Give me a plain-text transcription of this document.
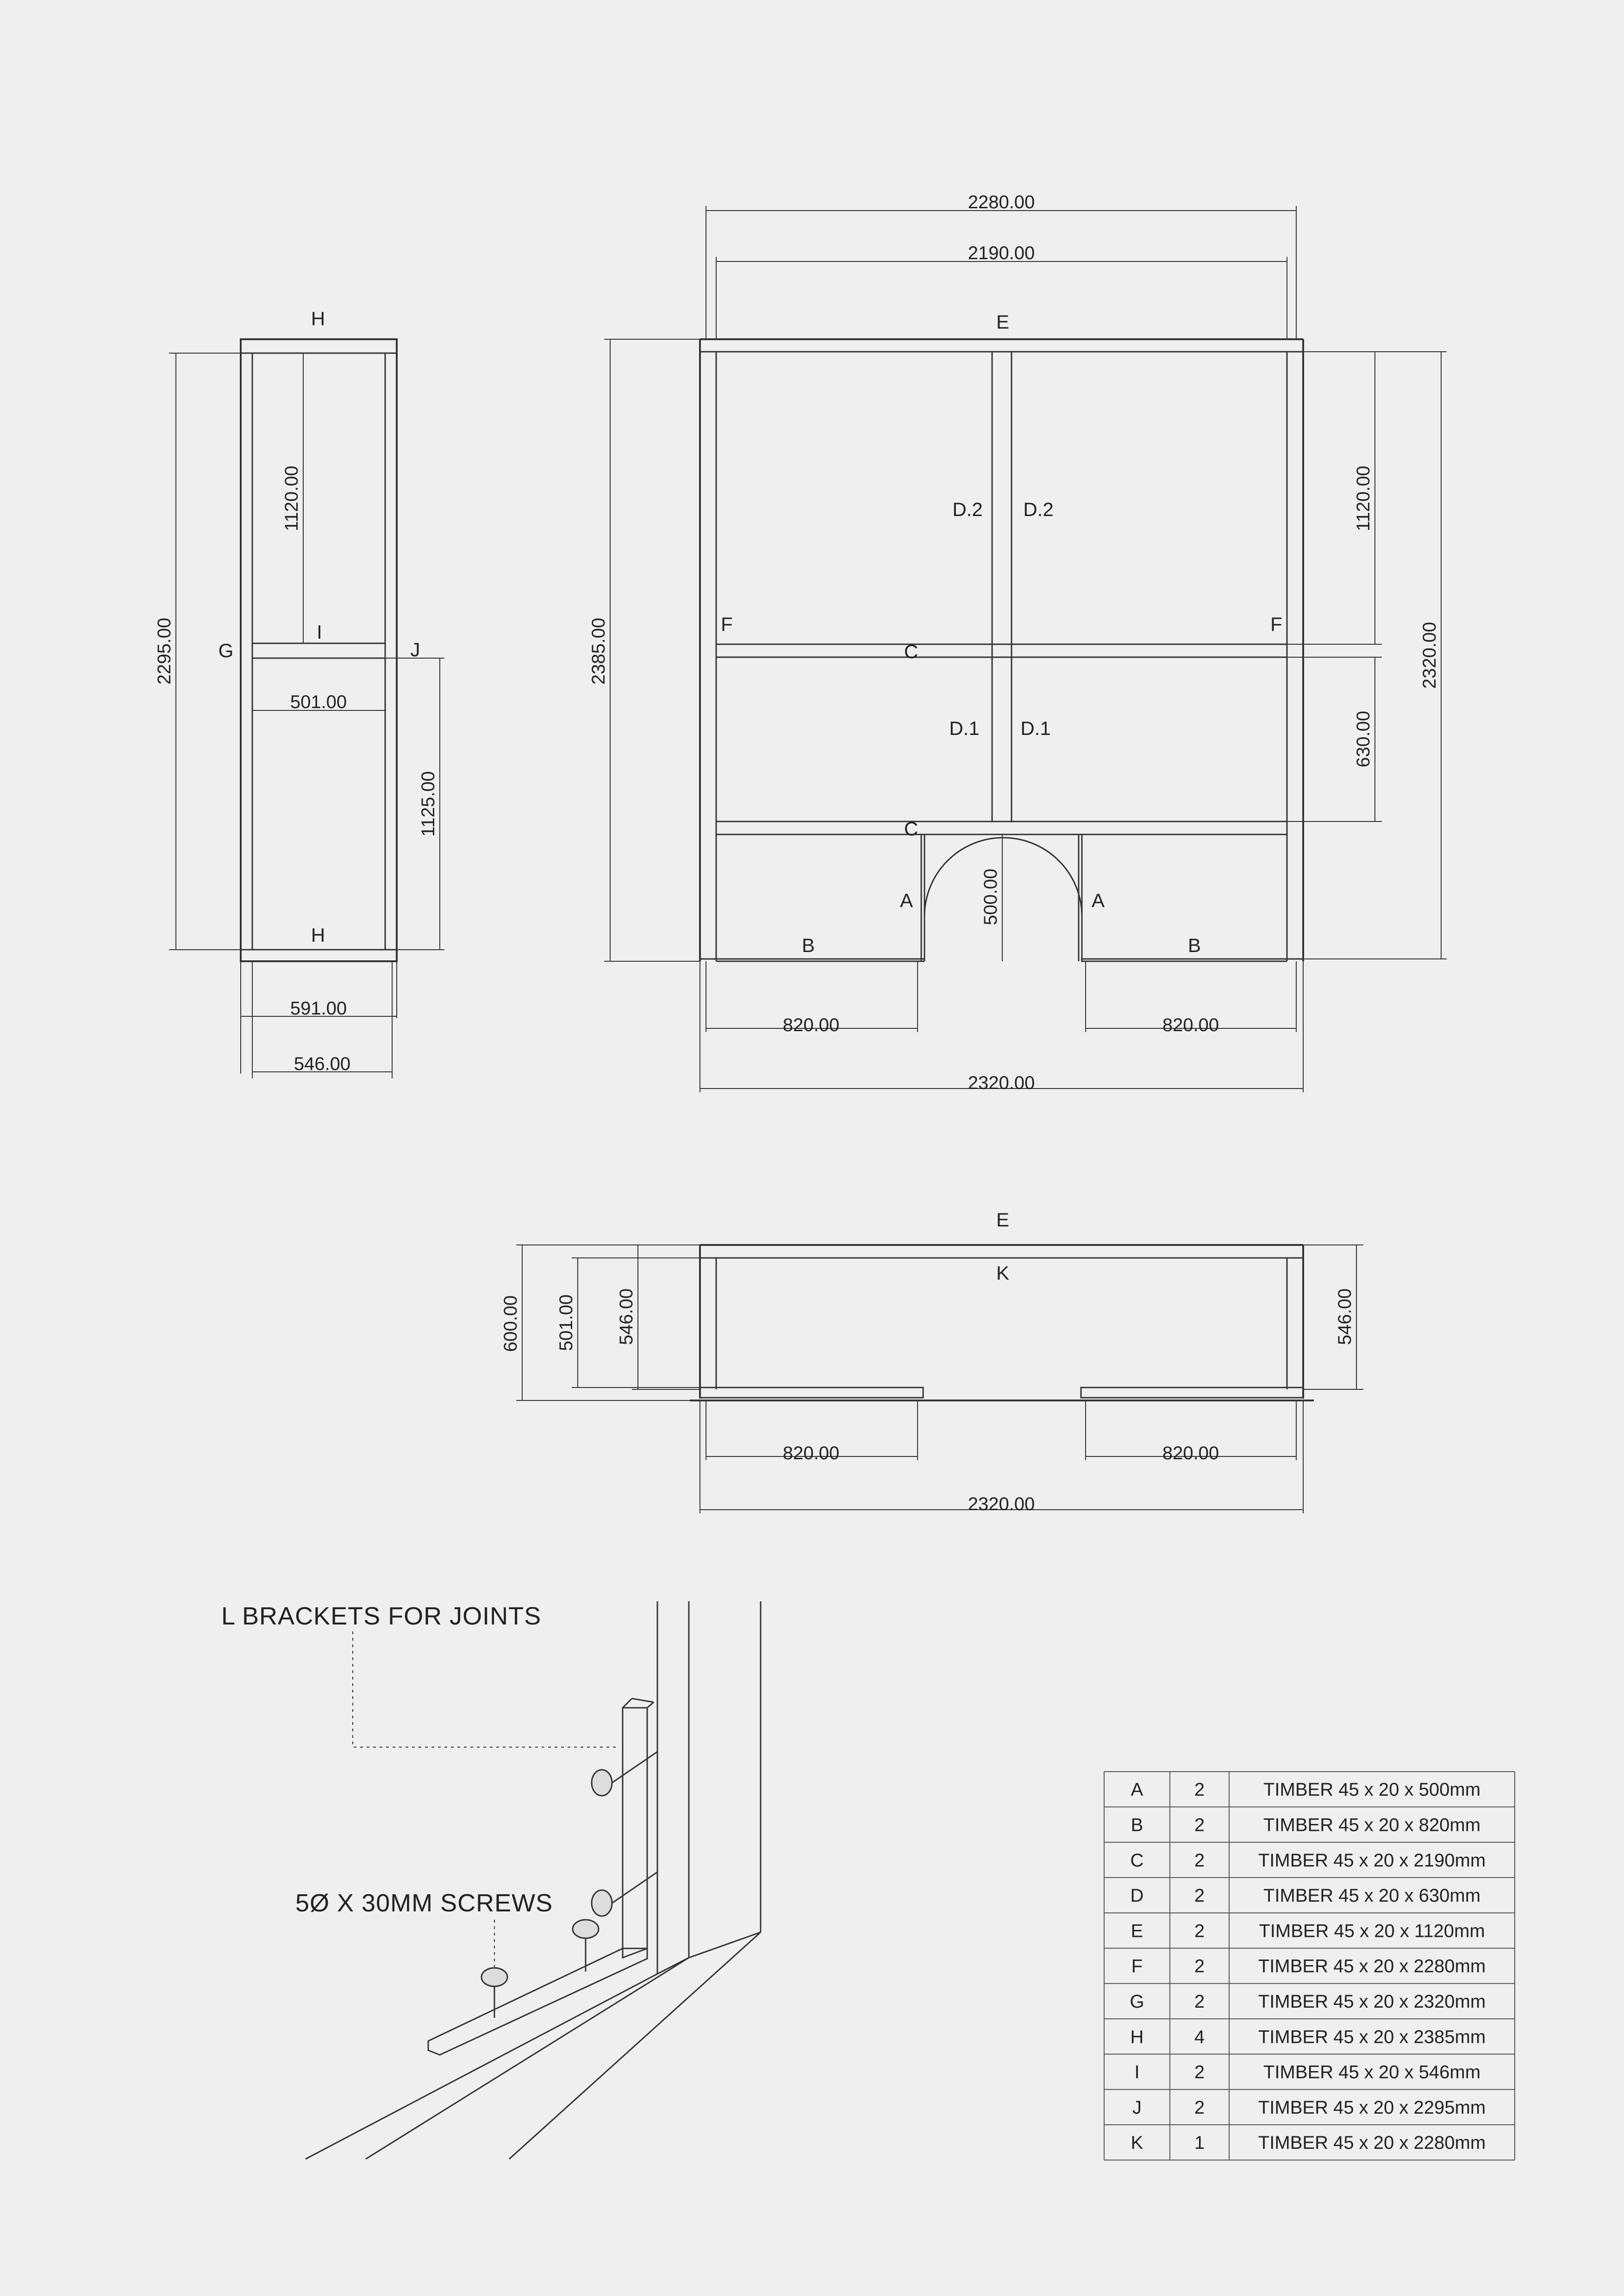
H
H
G
I
J
2295.00
1120.00
1125.00
501.00
591.00
546.00
2280.00
2190.00
E
D.2 D.2
F	F
C
D.1 D.1
C
A	A
B	B
2385.00
1120.00
630.00
2320.00
500.00
820.00	820.00
2320.00
E
K
600.00 501.00 546.00	546.00
820.00	820.00
2320.00
L BRACKETS FOR JOINTS
5Ø X 30MM SCREWS
A	2	TIMBER 45 x 20 x 500mm
B	2	TIMBER 45 x 20 x 820mm
C	2	TIMBER 45 x 20 x 2190mm
D	2	TIMBER 45 x 20 x 630mm
E	2	TIMBER 45 x 20 x 1120mm
F	2	TIMBER 45 x 20 x 2280mm
G	2	TIMBER 45 x 20 x 2320mm
H	4	TIMBER 45 x 20 x 2385mm
I	2	TIMBER 45 x 20 x 546mm
J	2	TIMBER 45 x 20 x 2295mm
K	1	TIMBER 45 x 20 x 2280mm
